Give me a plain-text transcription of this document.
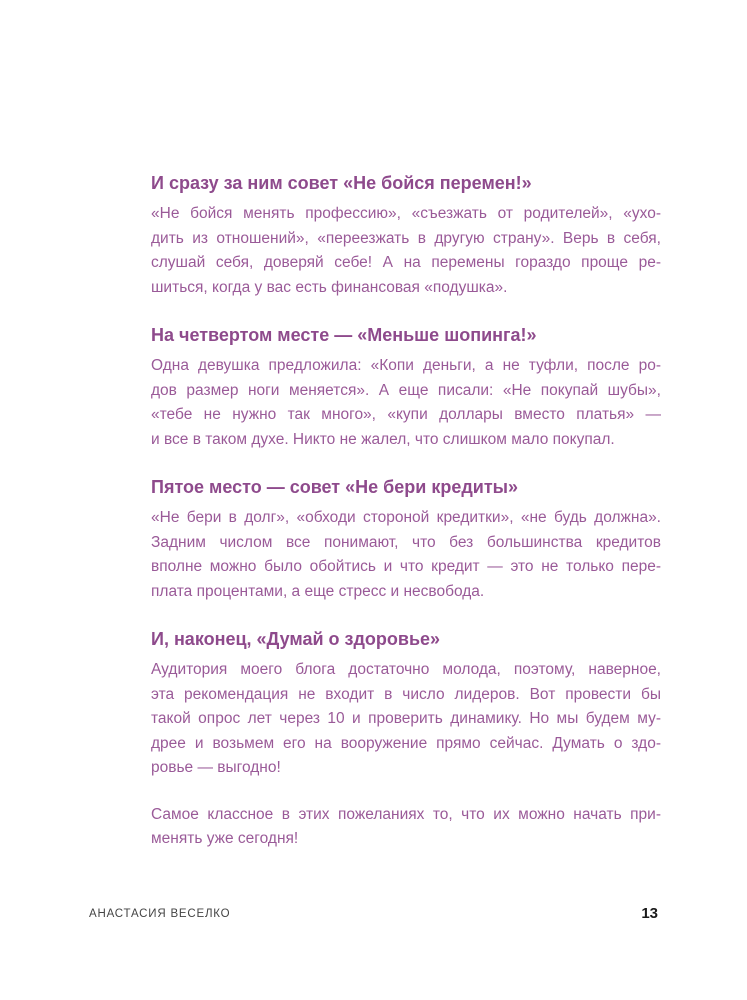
И сразу за ним совет «Не бойся перемен!»

«Не бойся менять профессию», «съезжать от родителей», «ухо-
дить из отношений», «переезжать в другую страну». Верь в себя,
слушай себя, доверяй себе! А на перемены гораздо проще ре-
шиться, когда у вас есть финансовая «подушка».

На четвертом месте — «Меньше шопинга!»

Одна девушка предложила: «Копи деньги, а не туфли, после ро-
дов размер ноги меняется». А еще писали: «Не покупай шубы»,
«тебе не нужно так много», «купи доллары вместо платья» —
и все в таком духе. Никто не жалел, что слишком мало покупал.

Пятое место — совет «Не бери кредиты»

«Не бери в долг», «обходи стороной кредитки», «не будь должна».
Задним числом все понимают, что без большинства кредитов
вполне можно было обойтись и что кредит — это не только пере-
плата процентами, а еще стресс и несвобода.

И, наконец, «Думай о здоровье»

Аудитория моего блога достаточно молода, поэтому, наверное,
эта рекомендация не входит в число лидеров. Вот провести бы
такой опрос лет через 10 и проверить динамику. Но мы будем му-
дрее и возьмем его на вооружение прямо сейчас. Думать о здо-
ровье — выгодно!

Самое классное в этих пожеланиях то, что их можно начать при-
менять уже сегодня!

АНАСТАСИЯ ВЕСЕЛКО	13
